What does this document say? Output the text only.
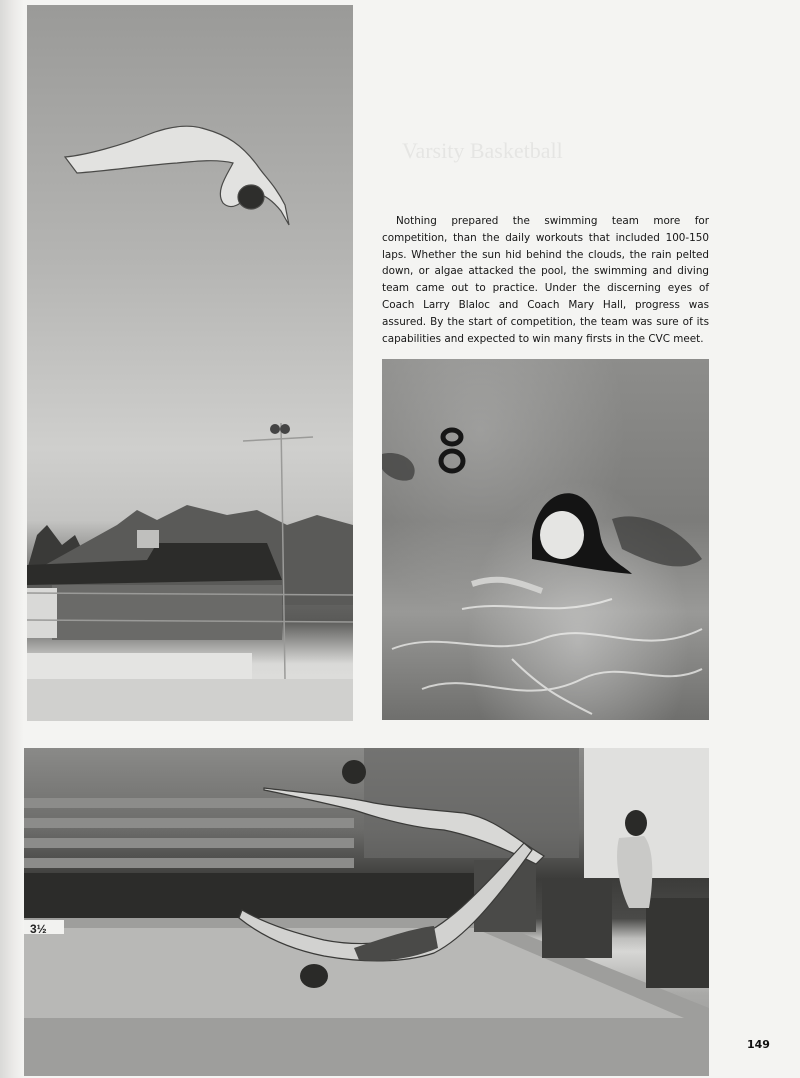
Varsity Basketball

Nothing prepared the swimming team more for competition, than the daily workouts that included 100-150 laps. Whether the sun hid behind the clouds, the rain pelted down, or algae attacked the pool, the swimming and diving team came out to practice. Under the discerning eyes of Coach Larry Blaloc and Coach Mary Hall, progress was assured. By the start of competition, the team was sure of its capabilities and expected to win many firsts in the CVC meet.

3½
149
